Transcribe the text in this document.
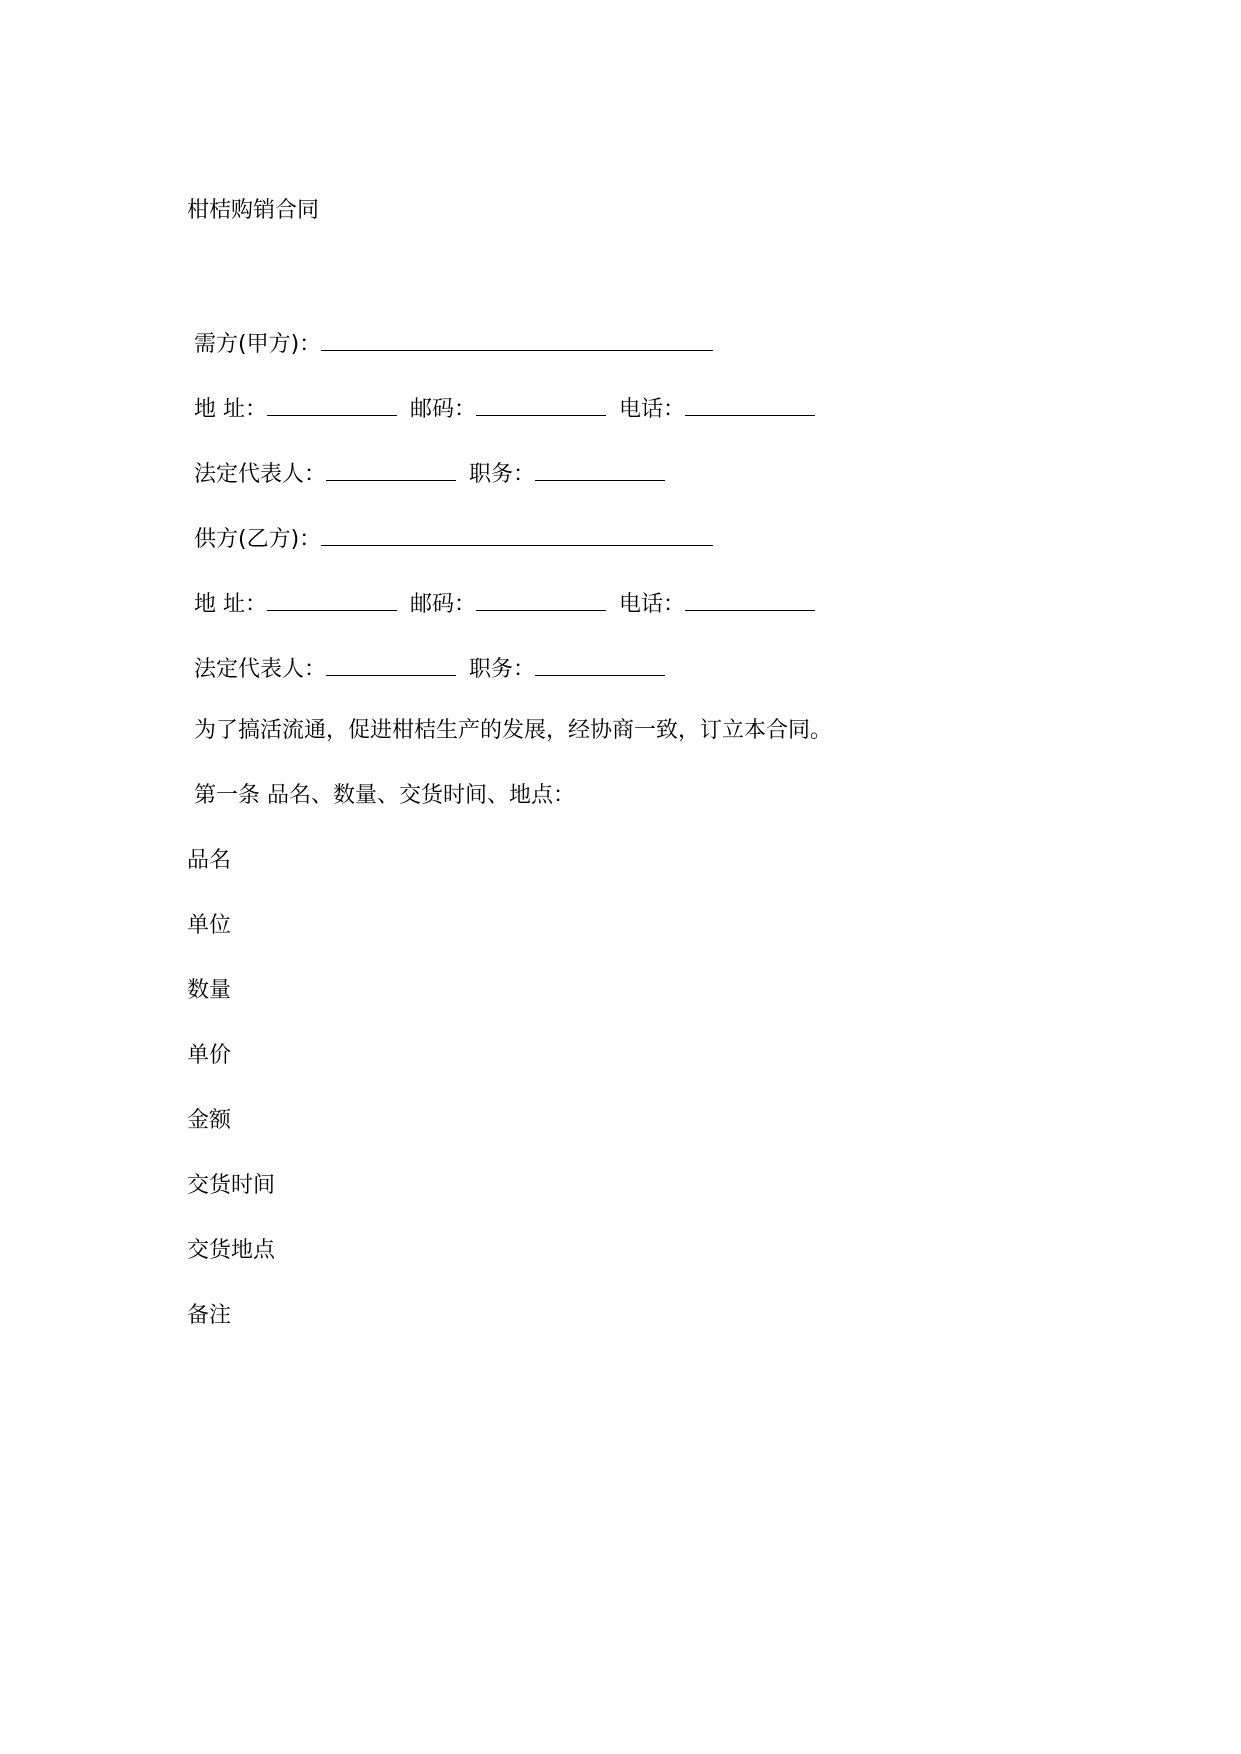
柑桔购销合同
需方(甲方)：
地 址：	邮码：	电话：
法定代表人：	职务：
供方(乙方)：
地 址：	邮码：	电话：
法定代表人：	职务：
为了搞活流通，促进柑桔生产的发展，经协商一致，订立本合同。
第一条 品名、数量、交货时间、地点：
品名
单位
数量
单价
金额
交货时间
交货地点
备注
